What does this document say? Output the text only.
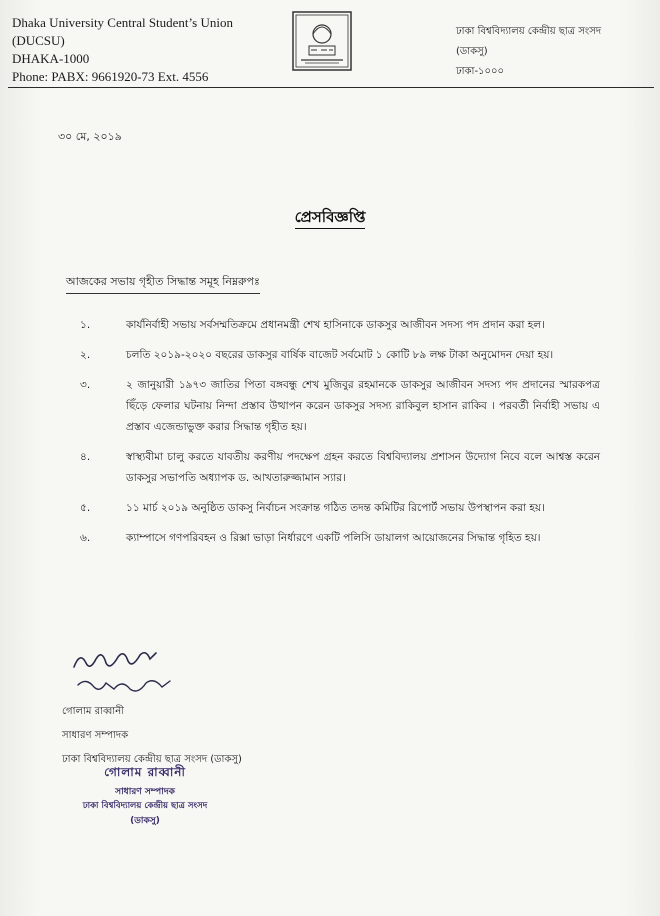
Dhaka University Central Student’s Union
(DUCSU)
DHAKA-1000
Phone: PABX: 9661920-73 Ext. 4556
ঢাকা বিশ্ববিদ্যালয় কেন্দ্রীয় ছাত্র সংসদ
(ডাকসু)
ঢাকা-১০০০
৩০ মে, ২০১৯
প্রেসবিজ্ঞপ্তি
আজকের সভায় গৃহীত সিদ্ধান্ত সমূহ নিম্নরুপঃ
১.	কার্যনির্বাহী সভায় সর্বসম্মতিক্রমে প্রধানমন্ত্রী শেখ হাসিনাকে ডাকসুর আজীবন সদস্য পদ প্রদান করা হল।
২.	চলতি ২০১৯-২০২০ বছরের ডাকসুর বার্ষিক বাজেট সর্বমোট ১ কোটি ৮৯ লক্ষ টাকা অনুমোদন দেয়া হয়।
৩.	২ জানুয়ারী ১৯৭৩ জাতির পিতা বঙ্গবন্ধু শেখ মুজিবুর রহমানকে ডাকসুর আজীবন সদস্য পদ প্রদানের স্মারকপত্র ছিঁড়ে ফেলার ঘটনায় নিন্দা প্রস্তাব উত্থাপন করেন ডাকসুর সদস্য রাকিবুল হাসান রাকিব । পরবর্তী নির্বাহী সভায় এ প্রস্তাব এজেন্ডাভুক্ত করার সিদ্ধান্ত গৃহীত হয়।
৪.	স্বাস্থ্যবীমা চালু করতে যাবতীয় করণীয় পদক্ষেপ গ্রহন করতে বিশ্ববিদ্যালয় প্রশাসন উদ্যোগ নিবে বলে আশ্বস্ত করেন ডাকসুর সভাপতি অধ্যাপক ড. আখতারুজ্জামান স্যার।
৫.	১১ মার্চ ২০১৯ অনুষ্ঠিত ডাকসু নির্বাচন সংক্রান্ত গঠিত তদন্ত কমিটির রিপোর্ট সভায় উপস্থাপন করা হয়।
৬.	ক্যাম্পাসে গণপরিবহন ও রিক্সা ভাড়া নির্ধারণে একটি পলিসি ডায়ালগ আয়োজনের সিদ্ধান্ত গৃহিত হয়।
গোলাম রাব্বানী
সাধারণ সম্পাদক
ঢাকা বিশ্ববিদ্যালয় কেন্দ্রীয় ছাত্র সংসদ (ডাকসু)
গোলাম রাব্বানী
সাধারণ সম্পাদক
ঢাকা বিশ্ববিদ্যালয় কেন্দ্রীয় ছাত্র সংসদ
(ডাকসু)
